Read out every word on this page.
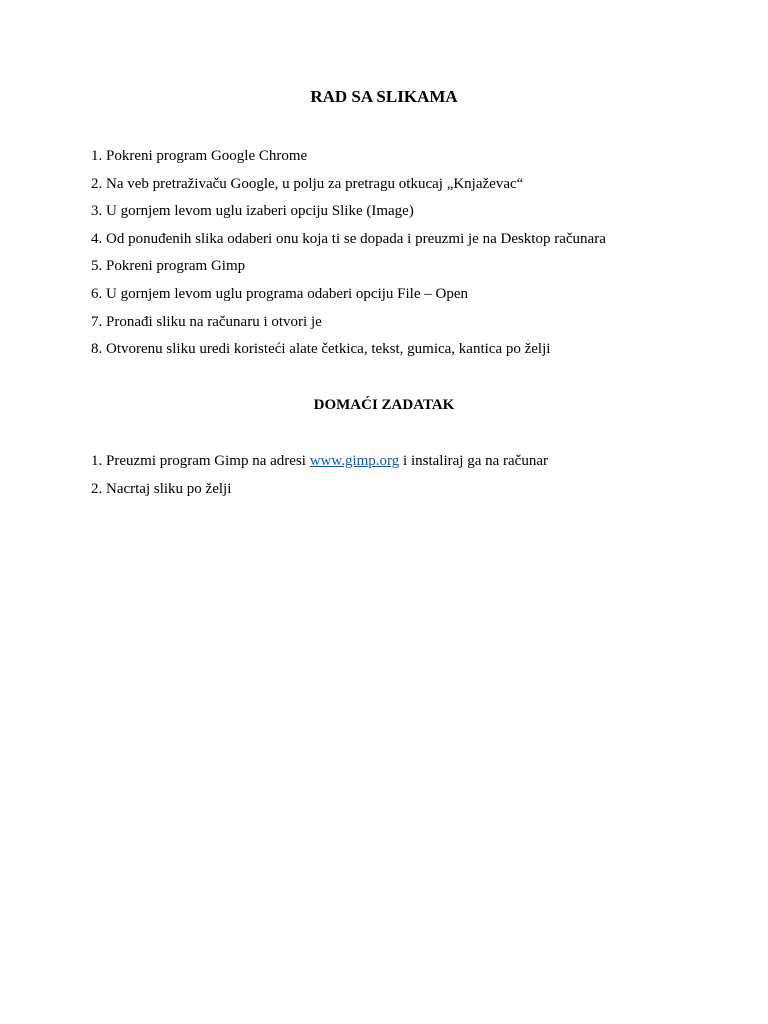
RAD SA SLIKAMA
1. Pokreni program Google Chrome
2. Na veb pretraživaču Google, u polju za pretragu otkucaj „Knjaževac“
3. U gornjem levom uglu izaberi opciju Slike (Image)
4. Od ponuđenih slika odaberi onu koja ti se dopada i preuzmi je na Desktop računara
5. Pokreni program Gimp
6. U gornjem levom uglu programa odaberi opciju File – Open
7. Pronađi sliku na računaru i otvori je
8. Otvorenu sliku uredi koristeći alate četkica, tekst, gumica, kantica po želji
DOMAĆI ZADATAK
1. Preuzmi program Gimp na adresi www.gimp.org i instaliraj ga na računar
2. Nacrtaj sliku po želji
